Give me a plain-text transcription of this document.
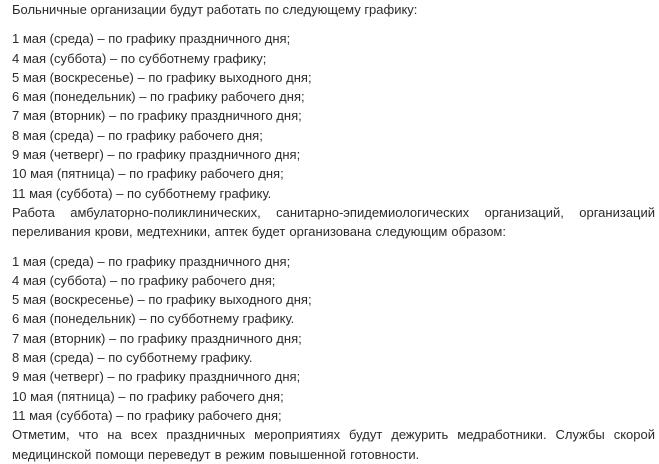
Больничные организации будут работать по следующему графику:
1 мая (среда) – по графику праздничного дня;
4 мая (суббота) – по субботнему графику;
5 мая (воскресенье) – по графику выходного дня;
6 мая (понедельник) – по графику рабочего дня;
7 мая (вторник) – по графику праздничного дня;
8 мая (среда) – по графику рабочего дня;
9 мая (четверг) – по графику праздничного дня;
10 мая (пятница) – по графику рабочего дня;
11 мая (суббота) – по субботнему графику.

Работа амбулаторно-поликлинических, санитарно-эпидемиологических организаций, организаций переливания крови, медтехники, аптек будет организована следующим образом:

1 мая (среда) – по графику праздничного дня;
4 мая (суббота) – по графику рабочего дня;
5 мая (воскресенье) – по графику выходного дня;
6 мая (понедельник) – по субботнему графику.
7 мая (вторник) – по графику праздничного дня;
8 мая (среда) – по субботнему графику.
9 мая (четверг) – по графику праздничного дня;
10 мая (пятница) – по графику рабочего дня;
11 мая (суббота) – по графику рабочего дня;

Отметим, что на всех праздничных мероприятиях будут дежурить медработники. Службы скорой медицинской помощи переведут в режим повышенной готовности.
